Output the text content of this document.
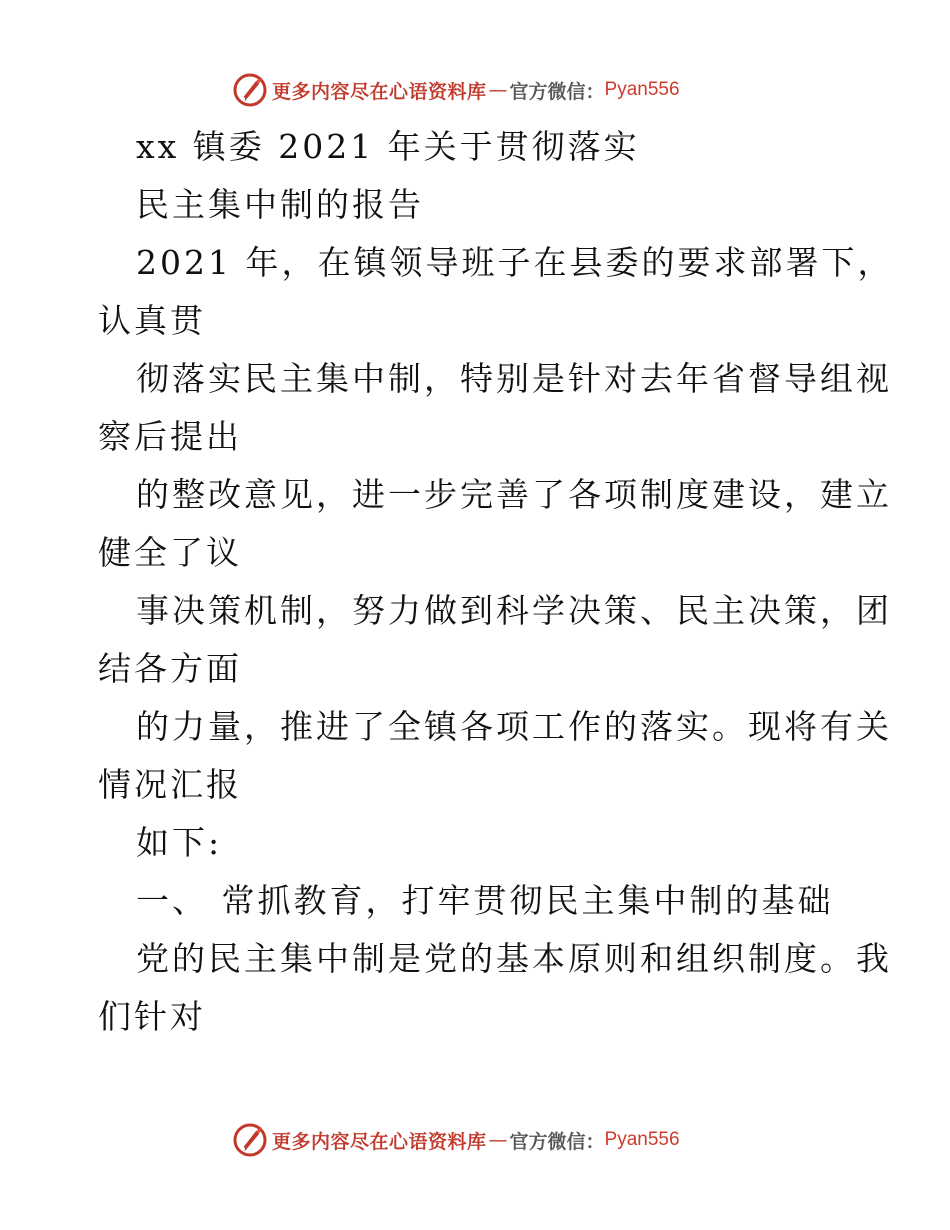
更多内容尽在心语资料库 — 官方微信： Pyan556
xx 镇委 2021 年关于贯彻落实
民主集中制的报告
2021 年，在镇领导班子在县委的要求部署下，
认真贯
彻落实民主集中制，特别是针对去年省督导组视
察后提出
的整改意见，进一步完善了各项制度建设，建立
健全了议
事决策机制，努力做到科学决策、民主决策，团
结各方面
的力量，推进了全镇各项工作的落实。现将有关
情况汇报
如下:
一、 常抓教育，打牢贯彻民主集中制的基础
党的民主集中制是党的基本原则和组织制度。我
们针对
更多内容尽在心语资料库 — 官方微信： Pyan556
